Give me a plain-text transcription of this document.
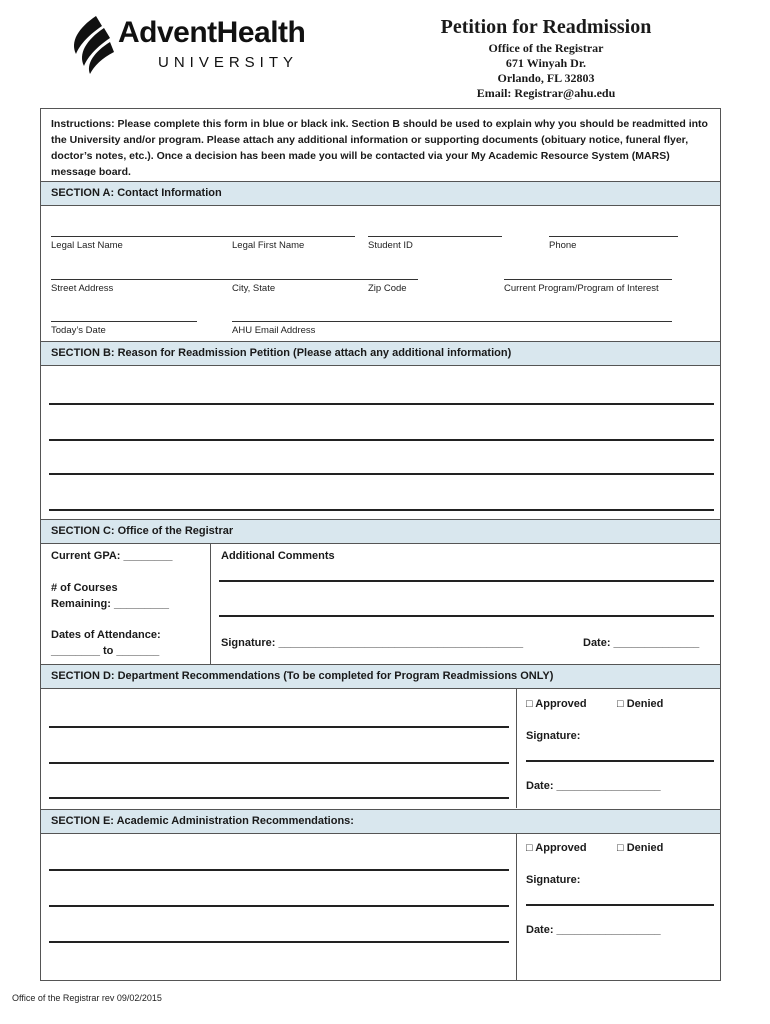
AdventHealth
UNIVERSITY
Petition for Readmission
Office of the Registrar
671 Winyah Dr.
Orlando, FL 32803
Email: Registrar@ahu.edu
Instructions: Please complete this form in blue or black ink. Section B should be used to explain why you should be readmitted into the University and/or program. Please attach any additional information or supporting documents (obituary notice, funeral flyer, doctor’s notes, etc.). Once a decision has been made you will be contacted via your My Academic Resource System (MARS) message board.
SECTION A: Contact Information
Legal Last Name	Legal First Name	Student ID	Phone
Street Address	City, State	Zip Code	Current Program/Program of Interest
Today’s Date	AHU Email Address
SECTION B: Reason for Readmission Petition (Please attach any additional information)
SECTION C: Office of the Registrar
Current GPA: ________
# of Courses
Remaining: _________
Dates of Attendance:
________ to _______
Additional Comments
Signature: ________________________________________	Date: ______________
SECTION D: Department Recommendations (To be completed for Program Readmissions ONLY)
□ Approved	□ Denied
Signature:
Date: _________________
SECTION E: Academic Administration Recommendations:
□ Approved	□ Denied
Signature:
Date: _________________
Office of the Registrar rev 09/02/2015
